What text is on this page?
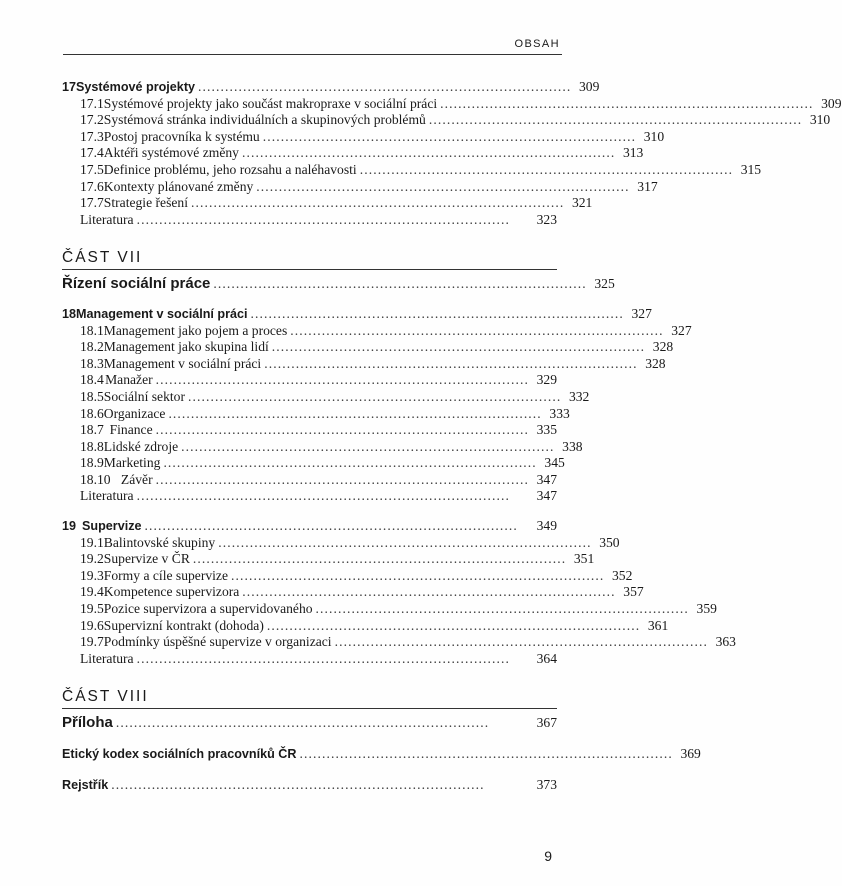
OBSAH
17 Systémové projekty ................................................................................... 309
17.1 Systémové projekty jako součást makropraxe v sociální práci ................................................................................... 309
17.2 Systémová stránka individuálních a skupinových problémů ................................................................................... 310
17.3 Postoj pracovníka k systému ................................................................................... 310
17.4 Aktéři systémové změny ................................................................................... 313
17.5 Definice problému, jeho rozsahu a naléhavosti ................................................................................... 315
17.6 Kontexty plánované změny ................................................................................... 317
17.7 Strategie řešení ................................................................................... 321
Literatura ...................................................................................	323
ČÁST VII
Řízení sociální práce ................................................................................... 325
18 Management v sociální práci ................................................................................... 327
18.1 Management jako pojem a proces ................................................................................... 327
18.2 Management jako skupina lidí ................................................................................... 328
18.3 Management v sociální práci ................................................................................... 328
18.4 Manažer ................................................................................... 329
18.5 Sociální sektor ................................................................................... 332
18.6 Organizace ................................................................................... 333
18.7 Finance ................................................................................... 335
18.8 Lidské zdroje ................................................................................... 338
18.9 Marketing ................................................................................... 345
18.10 Závěr ................................................................................... 347
Literatura ...................................................................................	347
19 Supervize ...................................................................................	349
19.1 Balintovské skupiny ................................................................................... 350
19.2 Supervize v ČR ................................................................................... 351
19.3 Formy a cíle supervize ................................................................................... 352
19.4 Kompetence supervizora ................................................................................... 357
19.5 Pozice supervizora a supervidovaného ................................................................................... 359
19.6 Supervizní kontrakt (dohoda) ................................................................................... 361
19.7 Podmínky úspěšné supervize v organizaci ................................................................................... 363
Literatura ...................................................................................	364
ČÁST VIII
Příloha ...................................................................................	367
Etický kodex sociálních pracovníků ČR ................................................................................... 369
Rejstřík ...................................................................................	373
9
